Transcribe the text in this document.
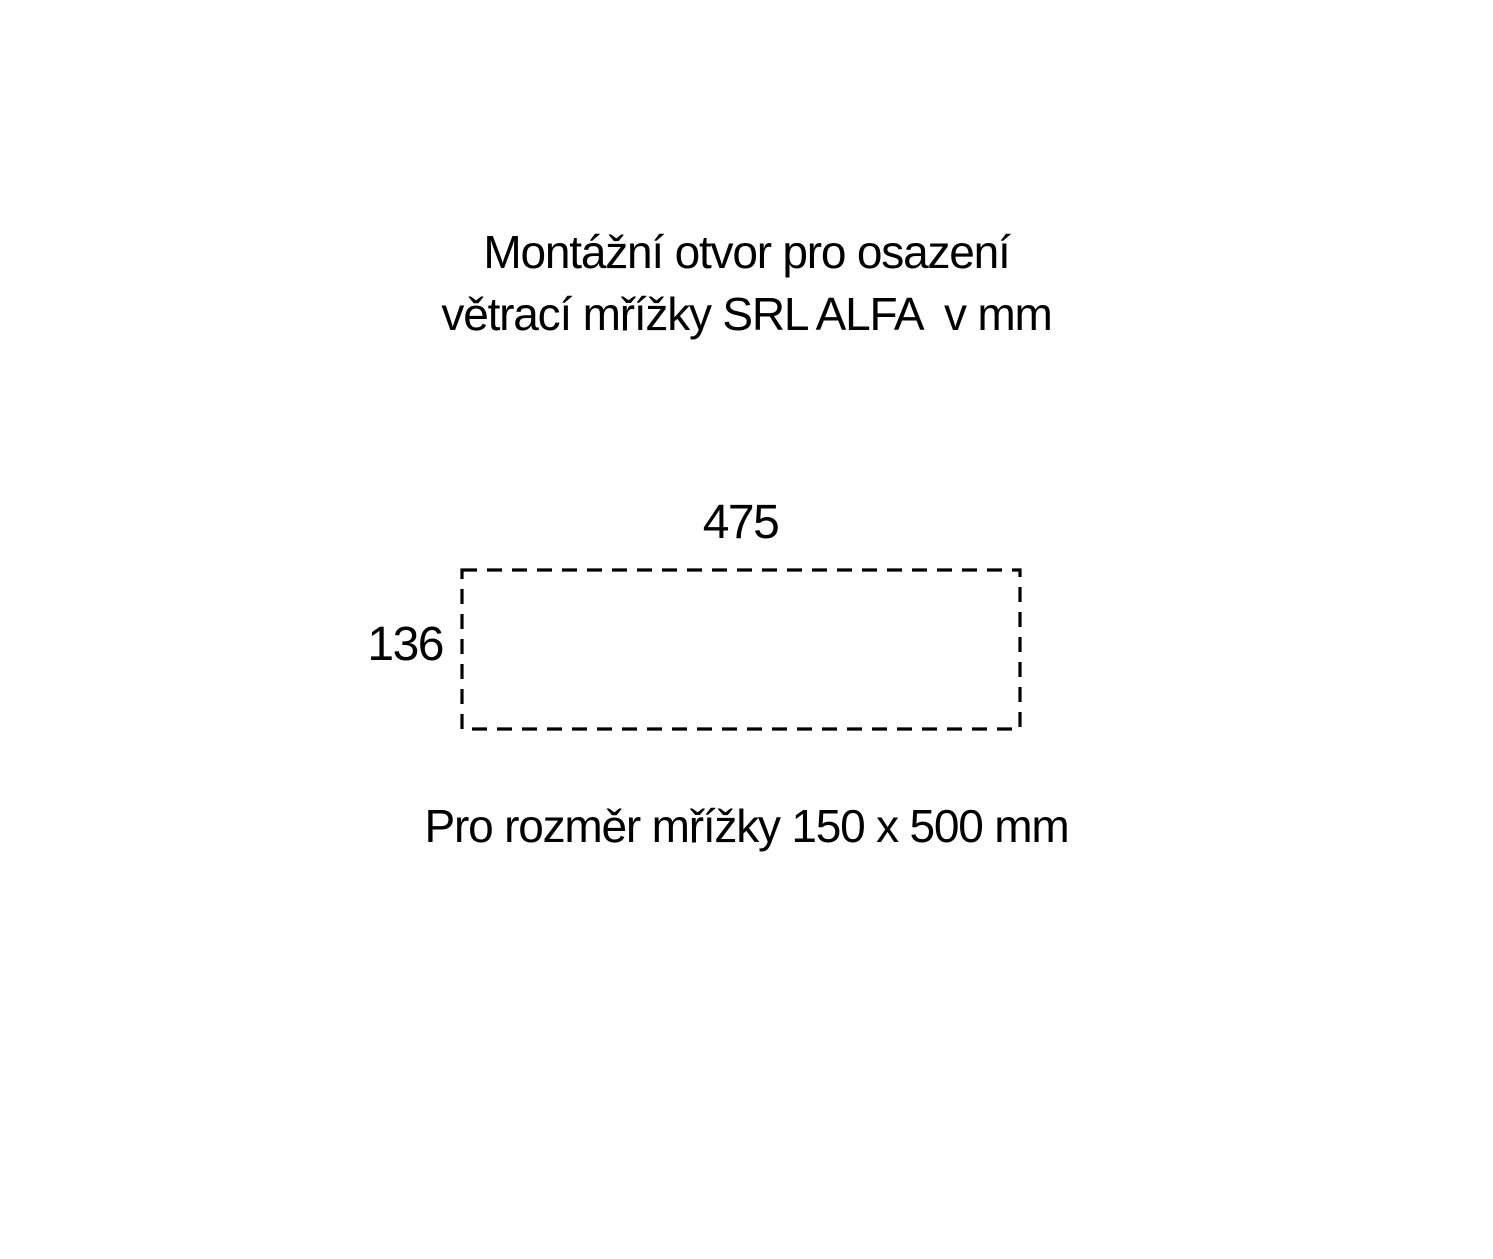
Montážní otvor pro osazení
větrací mřížky SRL ALFA  v mm
475
136
Pro rozměr mřížky 150 x 500 mm
